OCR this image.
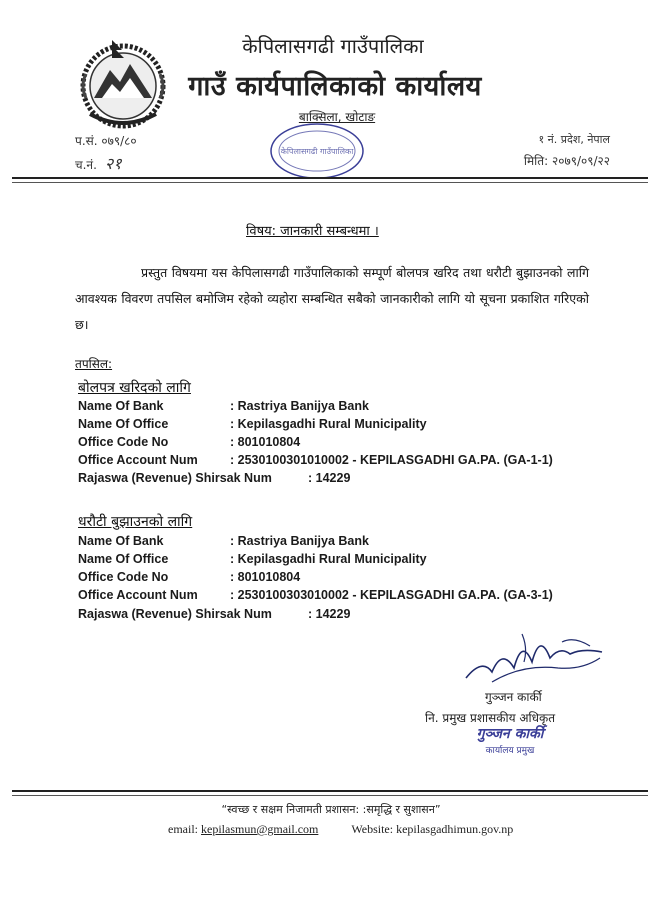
केपिलासगढी गाउँपालिका
गाउँ कार्यपालिकाको कार्यालय
बाक्सिला, खोटाङ
केपिलासगढी गाउँपालिका
प.सं. ०७९/८०
च.नं. २१
१ नं. प्रदेश, नेपाल
मिति: २०७९/०९/२२
विषय: जानकारी सम्बन्धमा ।
प्रस्तुत विषयमा यस केपिलासगढी गाउँपालिकाको सम्पूर्ण बोलपत्र खरिद तथा धरौटी बुझाउनको लागि आवश्यक विवरण तपसिल बमोजिम रहेको व्यहोरा सम्बन्धित सबैको जानकारीको लागि यो सूचना प्रकाशित गरिएको छ।
तपसिल:
बोलपत्र खरिदको लागि
Name Of Bank	: Rastriya Banijya Bank
Name Of Office	: Kepilasgadhi Rural Municipality
Office Code No	: 801010804
Office Account Num	: 2530100301010002 - KEPILASGADHI GA.PA. (GA-1-1)
Rajaswa (Revenue) Shirsak Num	: 14229
धरौटी बुझाउनको लागि
Name Of Bank	: Rastriya Banijya Bank
Name Of Office	: Kepilasgadhi Rural Municipality
Office Code No	: 801010804
Office Account Num	: 2530100303010002 - KEPILASGADHI GA.PA. (GA-3-1)
Rajaswa (Revenue) Shirsak Num	: 14229
गुञ्जन कार्की
नि. प्रमुख प्रशासकीय अधिकृत
गुञ्जन कार्की
कार्यालय प्रमुख
“स्वच्छ र सक्षम निजामती प्रशासन: :समृद्धि र सुशासन”
email: kepilasmun@gmail.com	Website: kepilasgadhimun.gov.np
